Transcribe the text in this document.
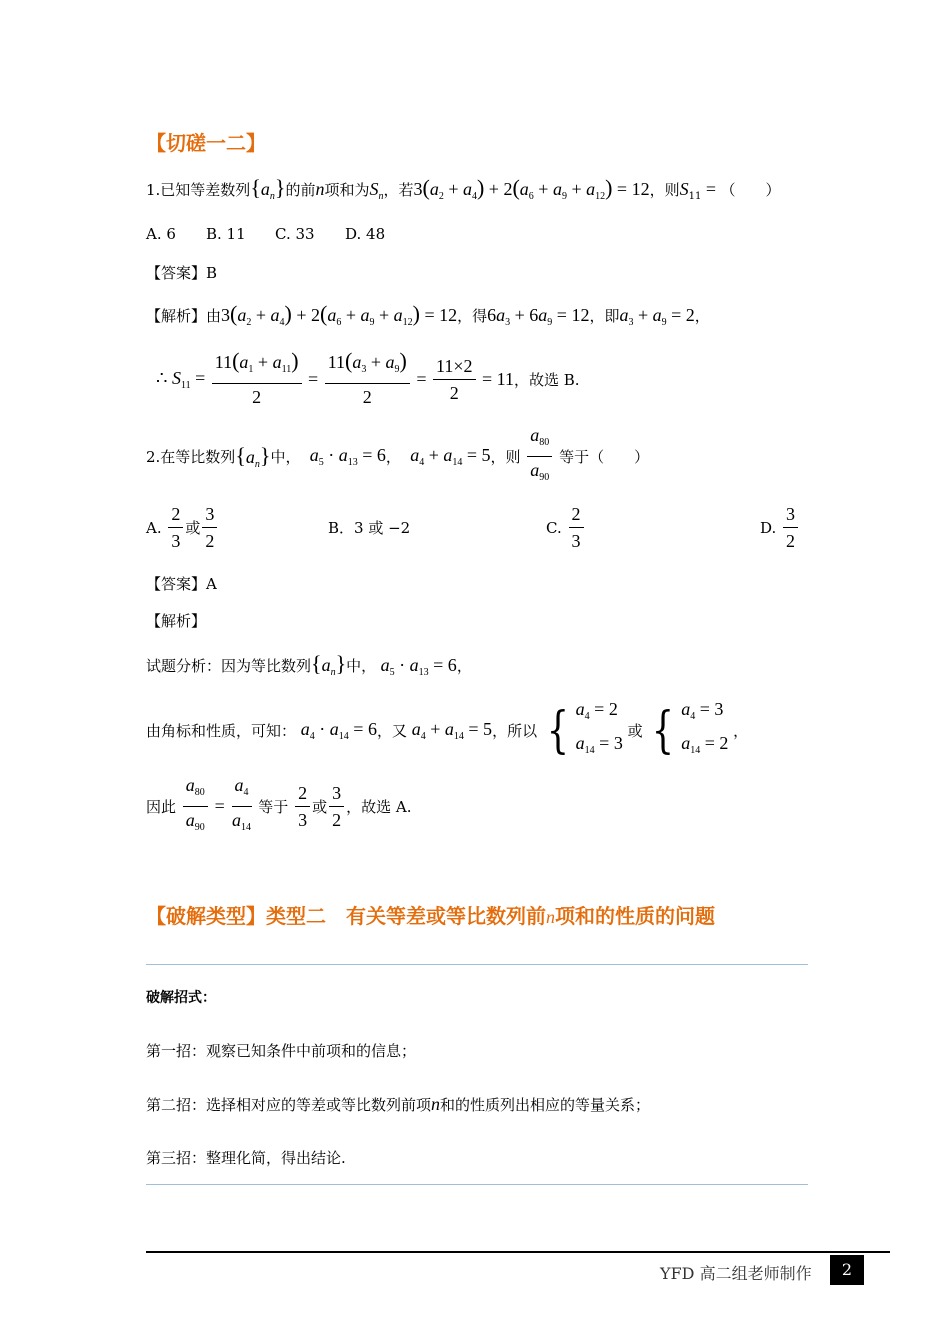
【切磋一二】
1.已知等差数列$\{a_n\}$的前n项和为$S_n$，若$3(a_2 + a_4) + 2(a_6 + a_9 + a_{12}) = 12$，则$S_{11}$ = （　　）
A. 6 B. 11 C. 33 D. 48
【答案】B
【解析】由$3(a_2 + a_4) + 2(a_6 + a_9 + a_{12}) = 12$，得$6a_3 + 6a_9 = 12$，即$a_3 + a_9 = 2$，
∴ $S_{11} = \frac{11(a_1 + a_{11})}{2} = \frac{11(a_3 + a_9)}{2} = \frac{11\times 2}{2} = 11$，故选 B.
2.在等比数列$\{a_n\}$中， $a_5 \cdot a_{13} = 6$， $a_4 + a_{14} = 5$，则 $\frac{a_{80}}{a_{90}}$ 等于（　　）
A. $\frac{2}{3}$ 或 $\frac{3}{2}$	B．3 或 −2	C. $\frac{2}{3}$	D. $\frac{3}{2}$
【答案】A
【解析】
试题分析：因为等比数列$\{a_n\}$中， $a_5 \cdot a_{13} = 6$，
由角标和性质，可知： $a_4 \cdot a_{14} = 6$，又 $a_4 + a_{14} = 5$，所以 { $a_4 = 2$
$a_{14} = 3$
或 { $a_4 = 3$
$a_{14} = 2$
，
因此 $\frac{a_{80}}{a_{90}} = \frac{a_4}{a_{14}}$ 等于 $\frac{2}{3}$ 或 $\frac{3}{2}$ ，故选 A.
【破解类型】类型二　有关等差或等比数列前n项和的性质的问题
破解招式：
第一招：观察已知条件中前项和的信息；
第二招：选择相对应的等差或等比数列前项n和的性质列出相应的等量关系；
第三招：整理化简，得出结论.
YFD 高二组老师制作	2
